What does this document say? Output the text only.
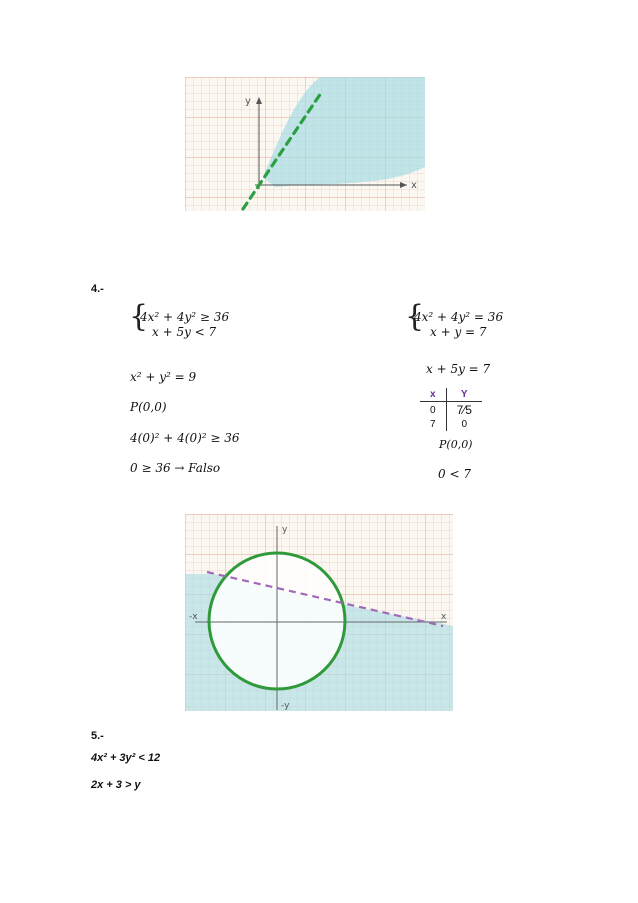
y
x
4.-
{
4x² + 4y² ≥ 36
x + 5y < 7	{
4x² + 4y² = 36
x + y = 7
x² + y² = 9
P(0,0)
4(0)² + 4(0)² ≥ 36
0 ≥ 36 → Falso
x + 5y = 7
x	Y
0	7⁄5
7	0
P(0,0)
0 < 7
y
x
-x
-y
5.-
4x² + 3y² < 12
2x + 3 > y
